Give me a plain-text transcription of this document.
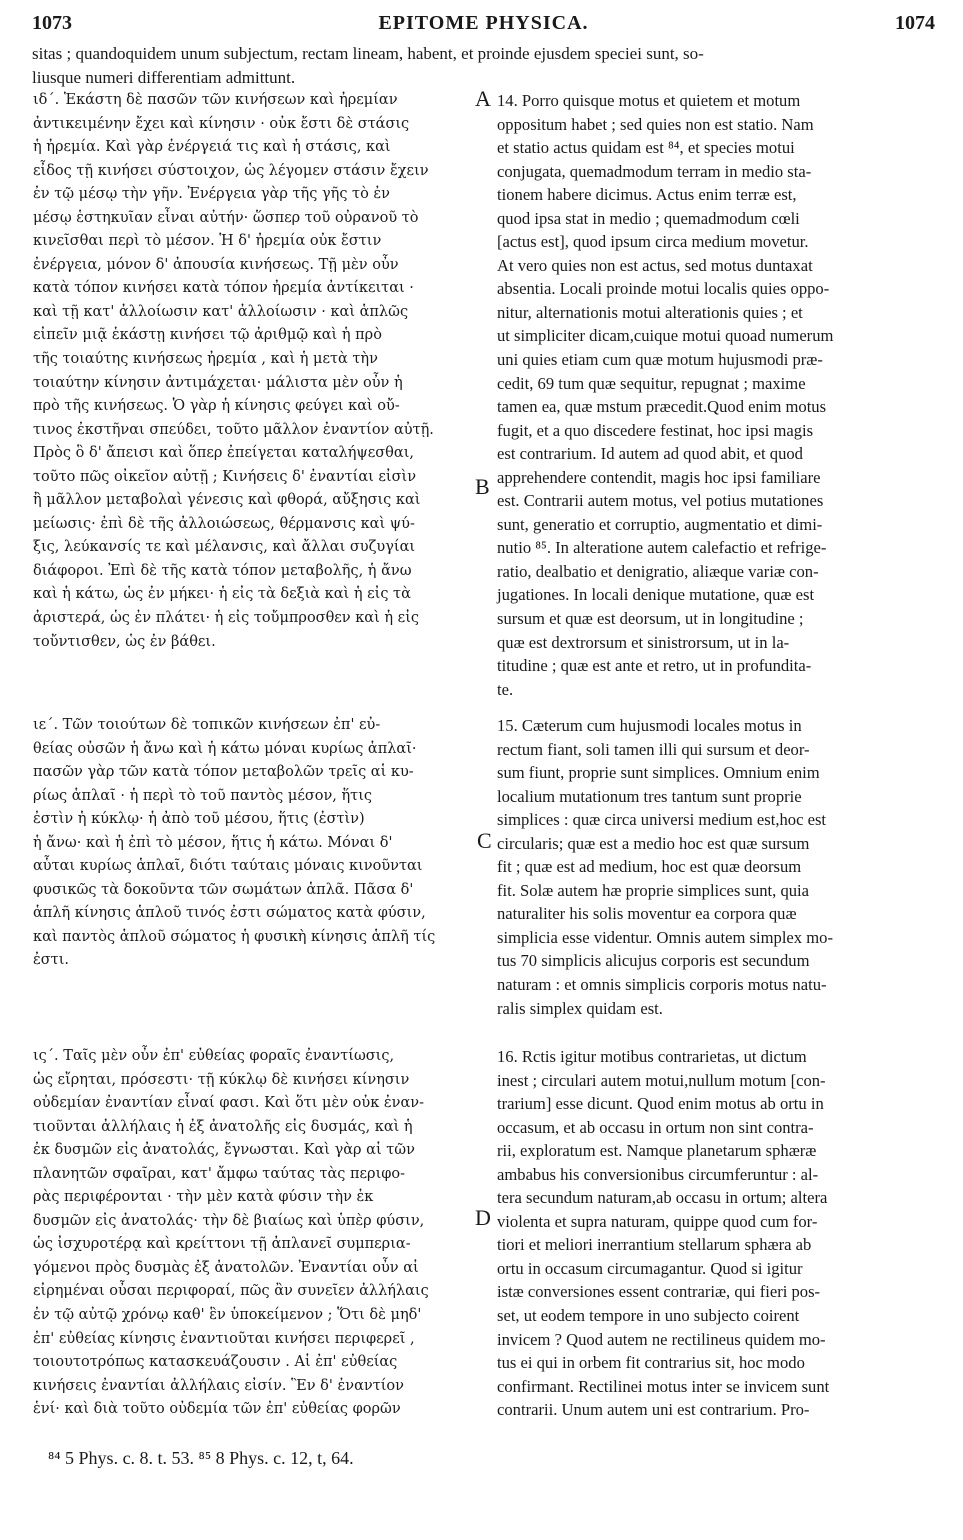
1073	EPITOME PHYSICA.	1074
sitas ; quandoquidem unum subjectum, rectam lineam, habent, et proinde ejusdem speciei sunt, so-
liusque numeri differentiam admittunt.
ιδ΄. Ἑκάστη δὲ πασῶν τῶν κινήσεων καὶ ἠρεμίαν
ἀντικειμένην ἔχει καὶ κίνησιν · οὐκ ἔστι δὲ στάσις
ἡ ἠρεμία. Καὶ γὰρ ἐνέργειά τις καὶ ἡ στάσις, καὶ
εἶδος τῇ κινήσει σύστοιχον, ὡς λέγομεν στάσιν ἔχειν
ἐν τῷ μέσῳ τὴν γῆν. Ἐνέργεια γὰρ τῆς γῆς τὸ ἐν
μέσῳ ἑστηκυῖαν εἶναι αὐτήν· ὥσπερ τοῦ οὐρανοῦ τὸ
κινεῖσθαι περὶ τὸ μέσον. Ἡ δ' ἠρεμία οὐκ ἔστιν
ἐνέργεια, μόνον δ' ἀπουσία κινήσεως. Τῇ μὲν οὖν
κατὰ τόπον κινήσει κατὰ τόπον ἠρεμία ἀντίκειται ·
καὶ τῇ κατ' ἀλλοίωσιν κατ' ἀλλοίωσιν · καὶ ἁπλῶς
εἰπεῖν μιᾷ ἑκάστῃ κινήσει τῷ ἀριθμῷ καὶ ἡ πρὸ
τῆς τοιαύτης κινήσεως ἠρεμία , καὶ ἡ μετὰ τὴν
τοιαύτην κίνησιν ἀντιμάχεται· μάλιστα μὲν οὖν ἡ
πρὸ τῆς κινήσεως. Ὁ γὰρ ἡ κίνησις φεύγει καὶ οὔ-
τινος ἐκστῆναι σπεύδει, τοῦτο μᾶλλον ἐναντίον αὐτῇ.
Πρὸς ὃ δ' ἄπεισι καὶ ὅπερ ἐπείγεται καταλήψεσθαι,
τοῦτο πῶς οἰκεῖον αὐτῇ ; Κινήσεις δ' ἐναντίαι εἰσὶν
ἢ μᾶλλον μεταβολαὶ γένεσις καὶ φθορά, αὔξησις καὶ
μείωσις· ἐπὶ δὲ τῆς ἀλλοιώσεως, θέρμανσις καὶ ψύ-
ξις, λεύκανσίς τε καὶ μέλανσις, καὶ ἄλλαι συζυγίαι
διάφοροι. Ἐπὶ δὲ τῆς κατὰ τόπον μεταβολῆς, ἡ ἄνω
καὶ ἡ κάτω, ὡς ἐν μήκει· ἡ εἰς τὰ δεξιὰ καὶ ἡ εἰς τὰ
ἀριστερά, ὡς ἐν πλάτει· ἡ εἰς τοὔμπροσθεν καὶ ἡ εἰς
τοὔντισθεν, ὡς ἐν βάθει.
ιε΄. Τῶν τοιούτων δὲ τοπικῶν κινήσεων ἐπ' εὐ-
θείας οὐσῶν ἡ ἄνω καὶ ἡ κάτω μόναι κυρίως ἁπλαῖ·
πασῶν γὰρ τῶν κατὰ τόπον μεταβολῶν τρεῖς αἱ κυ-
ρίως ἁπλαῖ · ἡ περὶ τὸ τοῦ παντὸς μέσον, ἥτις
ἐστὶν ἡ κύκλῳ· ἡ ἀπὸ τοῦ μέσου, ἥτις (ἐστὶν)
ἡ ἄνω· καὶ ἡ ἐπὶ τὸ μέσον, ἥτις ἡ κάτω. Μόναι δ'
αὗται κυρίως ἁπλαῖ, διότι ταύταις μόναις κινοῦνται
φυσικῶς τὰ δοκοῦντα τῶν σωμάτων ἁπλᾶ. Πᾶσα δ'
ἁπλῆ κίνησις ἁπλοῦ τινός ἐστι σώματος κατὰ φύσιν,
καὶ παντὸς ἁπλοῦ σώματος ἡ φυσικὴ κίνησις ἁπλῆ τίς
ἐστι.
ις΄. Ταῖς μὲν οὖν ἐπ' εὐθείας φοραῖς ἐναντίωσις,
ὡς εἴρηται, πρόσεστι· τῇ κύκλῳ δὲ κινήσει κίνησιν
οὐδεμίαν ἐναντίαν εἶναί φασι. Καὶ ὅτι μὲν οὐκ ἐναν-
τιοῦνται ἀλλήλαις ἡ ἐξ ἀνατολῆς εἰς δυσμάς, καὶ ἡ
ἐκ δυσμῶν εἰς ἀνατολάς, ἔγνωσται. Καὶ γὰρ αἱ τῶν
πλανητῶν σφαῖραι, κατ' ἄμφω ταύτας τὰς περιφο-
ρὰς περιφέρονται · τὴν μὲν κατὰ φύσιν τὴν ἐκ
δυσμῶν εἰς ἀνατολάς· τὴν δὲ βιαίως καὶ ὑπὲρ φύσιν,
ὡς ἰσχυροτέρᾳ καὶ κρείττονι τῇ ἀπλανεῖ συμπερια-
γόμενοι πρὸς δυσμὰς ἐξ ἀνατολῶν. Ἐναντίαι οὖν αἱ
εἰρημέναι οὖσαι περιφοραί, πῶς ἂν συνεῖεν ἀλλήλαις
ἐν τῷ αὐτῷ χρόνῳ καθ' ἓν ὑποκείμενον ; Ὅτι δὲ μηδ'
ἐπ' εὐθείας κίνησις ἐναντιοῦται κινήσει περιφερεῖ ,
τοιουτοτρόπως κατασκευάζουσιν . Αἱ ἐπ' εὐθείας
κινήσεις ἐναντίαι ἀλλήλαις εἰσίν. Ἓν δ' ἐναντίον
ἑνί· καὶ διὰ τοῦτο οὐδεμία τῶν ἐπ' εὐθείας φορῶν
14. Porro quisque motus et quietem et motum
oppositum habet ; sed quies non est statio. Nam
et statio actus quidam est ⁸⁴, et species motui
conjugata, quemadmodum terram in medio sta-
tionem habere dicimus. Actus enim terræ est,
quod ipsa stat in medio ; quemadmodum cœli
[actus est], quod ipsum circa medium movetur.
At vero quies non est actus, sed motus duntaxat
absentia. Locali proinde motui localis quies oppo-
nitur, alternationis motui alterationis quies ; et
ut simpliciter dicam,cuique motui quoad numerum
uni quies etiam cum quæ motum hujusmodi præ-
cedit, 69 tum quæ sequitur, repugnat ; maxime
tamen ea, quæ mstum præcedit.Quod enim motus
fugit, et a quo discedere festinat, hoc ipsi magis
est contrarium. Id autem ad quod abit, et quod
apprehendere contendit, magis hoc ipsi familiare
est. Contrarii autem motus, vel potius mutationes
sunt, generatio et corruptio, augmentatio et dimi-
nutio ⁸⁵. In alteratione autem calefactio et refrige-
ratio, dealbatio et denigratio, aliæque variæ con-
jugationes. In locali denique mutatione, quæ est
sursum et quæ est deorsum, ut in longitudine ;
quæ est dextrorsum et sinistrorsum, ut in la-
titudine ; quæ est ante et retro, ut in profundita-
te.
15. Cæterum cum hujusmodi locales motus in
rectum fiant, soli tamen illi qui sursum et deor-
sum fiunt, proprie sunt simplices. Omnium enim
localium mutationum tres tantum sunt proprie
simplices : quæ circa universi medium est,hoc est
circularis; quæ est a medio hoc est quæ sursum
fit ; quæ est ad medium, hoc est quæ deorsum
fit. Solæ autem hæ proprie simplices sunt, quia
naturaliter his solis moventur ea corpora quæ
simplicia esse videntur. Omnis autem simplex mo-
tus 70 simplicis alicujus corporis est secundum
naturam : et omnis simplicis corporis motus natu-
ralis simplex quidam est.
16. Rctis igitur motibus contrarietas, ut dictum
inest ; circulari autem motui,nullum motum [con-
trarium] esse dicunt. Quod enim motus ab ortu in
occasum, et ab occasu in ortum non sint contra-
rii, exploratum est. Namque planetarum sphæræ
ambabus his conversionibus circumferuntur : al-
tera secundum naturam,ab occasu in ortum; altera
violenta et supra naturam, quippe quod cum for-
tiori et meliori inerrantium stellarum sphæra ab
ortu in occasum circumagantur. Quod si igitur
istæ conversiones essent contrariæ, qui fieri pos-
set, ut eodem tempore in uno subjecto coirent
invicem ? Quod autem ne rectilineus quidem mo-
tus ei qui in orbem fit contrarius sit, hoc modo
confirmant. Rectilinei motus inter se invicem sunt
contrarii. Unum autem uni est contrarium. Pro-
A
B
C
D
⁸⁴ 5 Phys. c. 8. t. 53. ⁸⁵ 8 Phys. c. 12, t, 64.
